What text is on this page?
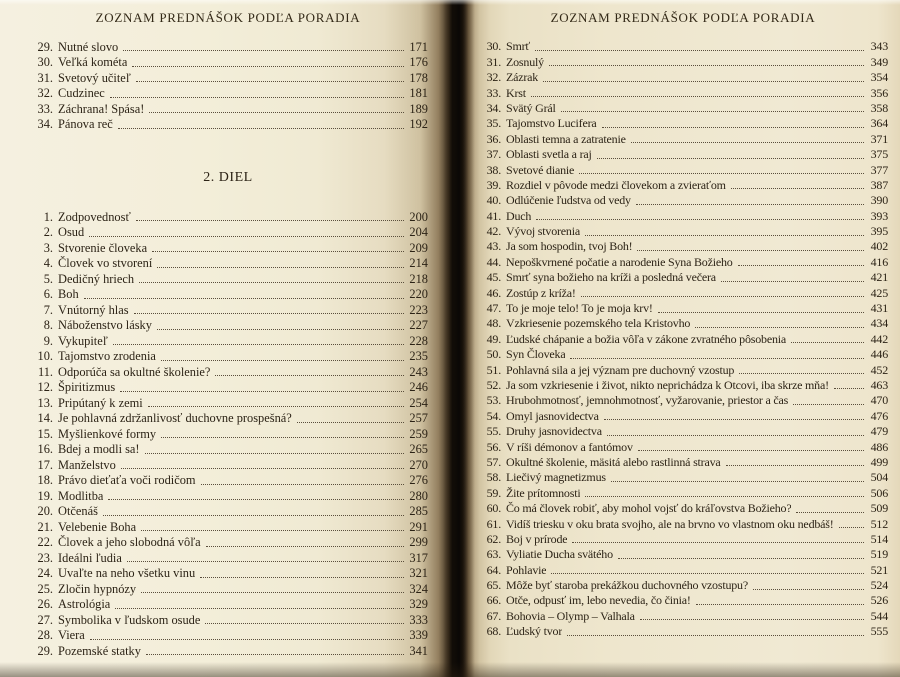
ZOZNAM PREDNÁŠOK PODĽA PORADIA
29. Nutné slovo	171
30. Veľká kométa	176
31. Svetový učiteľ	178
32. Cudzinec	181
33. Záchrana! Spása!	189
34. Pánova reč	192
2. DIEL
1. Zodpovednosť	200
2. Osud	204
3. Stvorenie človeka	209
4. Človek vo stvorení	214
5. Dedičný hriech	218
6. Boh	220
7. Vnútorný hlas	223
8. Náboženstvo lásky	227
9. Vykupiteľ	228
10. Tajomstvo zrodenia	235
11. Odporúča sa okultné školenie?	243
12. Špiritizmus	246
13. Pripútaný k zemi	254
14. Je pohlavná zdržanlivosť duchovne prospešná?	257
15. Myšlienkové formy	259
16. Bdej a modli sa!	265
17. Manželstvo	270
18. Právo dieťaťa voči rodičom	276
19. Modlitba	280
20. Otčenáš	285
21. Velebenie Boha	291
22. Človek a jeho slobodná vôľa	299
23. Ideálni ľudia	317
24. Uvaľte na neho všetku vinu	321
25. Zločin hypnózy	324
26. Astrológia	329
27. Symbolika v ľudskom osude	333
28. Viera	339
29. Pozemské statky	341
ZOZNAM PREDNÁŠOK PODĽA PORADIA
30. Smrť	343
31. Zosnulý	349
32. Zázrak	354
33. Krst	356
34. Svätý Grál	358
35. Tajomstvo Lucifera	364
36. Oblasti temna a zatratenie	371
37. Oblasti svetla a raj	375
38. Svetové dianie	377
39. Rozdiel v pôvode medzi človekom a zvieraťom	387
40. Odlúčenie ľudstva od vedy	390
41. Duch	393
42. Vývoj stvorenia	395
43. Ja som hospodin, tvoj Boh!	402
44. Nepoškvrnené počatie a narodenie Syna Božieho	416
45. Smrť syna božieho na kríži a posledná večera	421
46. Zostúp z kríža!	425
47. To je moje telo! To je moja krv!	431
48. Vzkriesenie pozemského tela Kristovho	434
49. Ľudské chápanie a božia vôľa v zákone zvratného pôsobenia	442
50. Syn Človeka	446
51. Pohlavná sila a jej význam pre duchovný vzostup	452
52. Ja som vzkriesenie i život, nikto neprichádza k Otcovi, iba skrze mňa!	463
53. Hrubohmotnosť, jemnohmotnosť, vyžarovanie, priestor a čas	470
54. Omyl jasnovidectva	476
55. Druhy jasnovidectva	479
56. V ríši démonov a fantómov	486
57. Okultné školenie, mäsitá alebo rastlinná strava	499
58. Liečivý magnetizmus	504
59. Žite prítomnosti	506
60. Čo má človek robiť, aby mohol vojsť do kráľovstva Božieho?	509
61. Vidíš triesku v oku brata svojho, ale na brvno vo vlastnom oku nedbáš!	512
62. Boj v prírode	514
63. Vyliatie Ducha svätého	519
64. Pohlavie	521
65. Môže byť staroba prekážkou duchovného vzostupu?	524
66. Otče, odpusť im, lebo nevedia, čo činia!	526
67. Bohovia – Olymp – Valhala	544
68. Ľudský tvor	555
